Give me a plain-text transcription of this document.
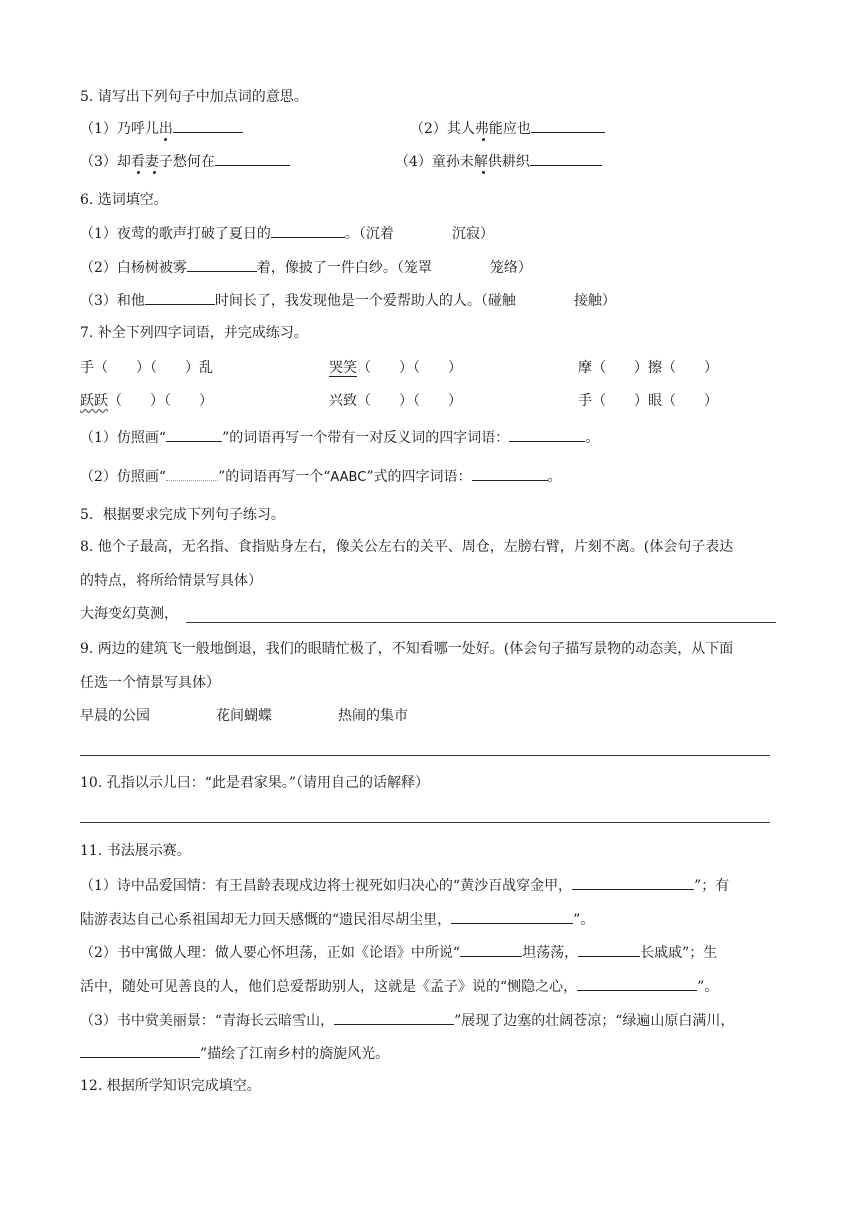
5. 请写出下列句子中加点词的意思。
（1）乃呼儿出	（2）其人弗能应也
（3）却看妻子愁何在	（4）童孙未解供耕织
6. 选词填空。
（1）夜莺的歌声打破了夏日的	。（沉着	沉寂）
（2）白杨树被雾	着，像披了一件白纱。（笼罩	笼络）
（3）和他	时间长了，我发现他是一个爱帮助人的人。（碰触	接触）
7. 补全下列四字词语，并完成练习。
手（　　）（　　）乱	哭笑（　　）（　　）	摩（　　）擦（　　）
跃跃（　　）（　　）	兴致（　　）（　　）	手（　　）眼（　　）
（1）仿照画“	”的词语再写一个带有一对反义词的四字词语：	。
（2）仿照画“	”的词语再写一个“AABC”式的四字词语：	。
5．根据要求完成下列句子练习。
8. 他个子最高，无名指、食指贴身左右，像关公左右的关平、周仓，左膀右臂，片刻不离。(体会句子表达
的特点，将所给情景写具体）
大海变幻莫测，
9. 两边的建筑飞一般地倒退，我们的眼睛忙极了，不知看哪一处好。(体会句子描写景物的动态美，从下面
任选一个情景写具体）
早晨的公园	花间蝴蝶	热闹的集市
10. 孔指以示儿曰：“此是君家果。”（请用自己的话解释）
11. 书法展示赛。
（1）诗中品爱国情：有王昌龄表现戍边将士视死如归决心的“黄沙百战穿金甲，	”；有
陆游表达自己心系祖国却无力回天感慨的“遗民泪尽胡尘里，	”。
（2）书中寓做人理：做人要心怀坦荡，正如《论语》中所说“	坦荡荡，	长戚戚”；生
活中，随处可见善良的人，他们总爱帮助别人，这就是《孟子》说的“恻隐之心，	”。
（3）书中赏美丽景：“青海长云暗雪山，	”展现了边塞的壮阔苍凉；“绿遍山原白满川，
”描绘了江南乡村的旖旎风光。
12. 根据所学知识完成填空。
